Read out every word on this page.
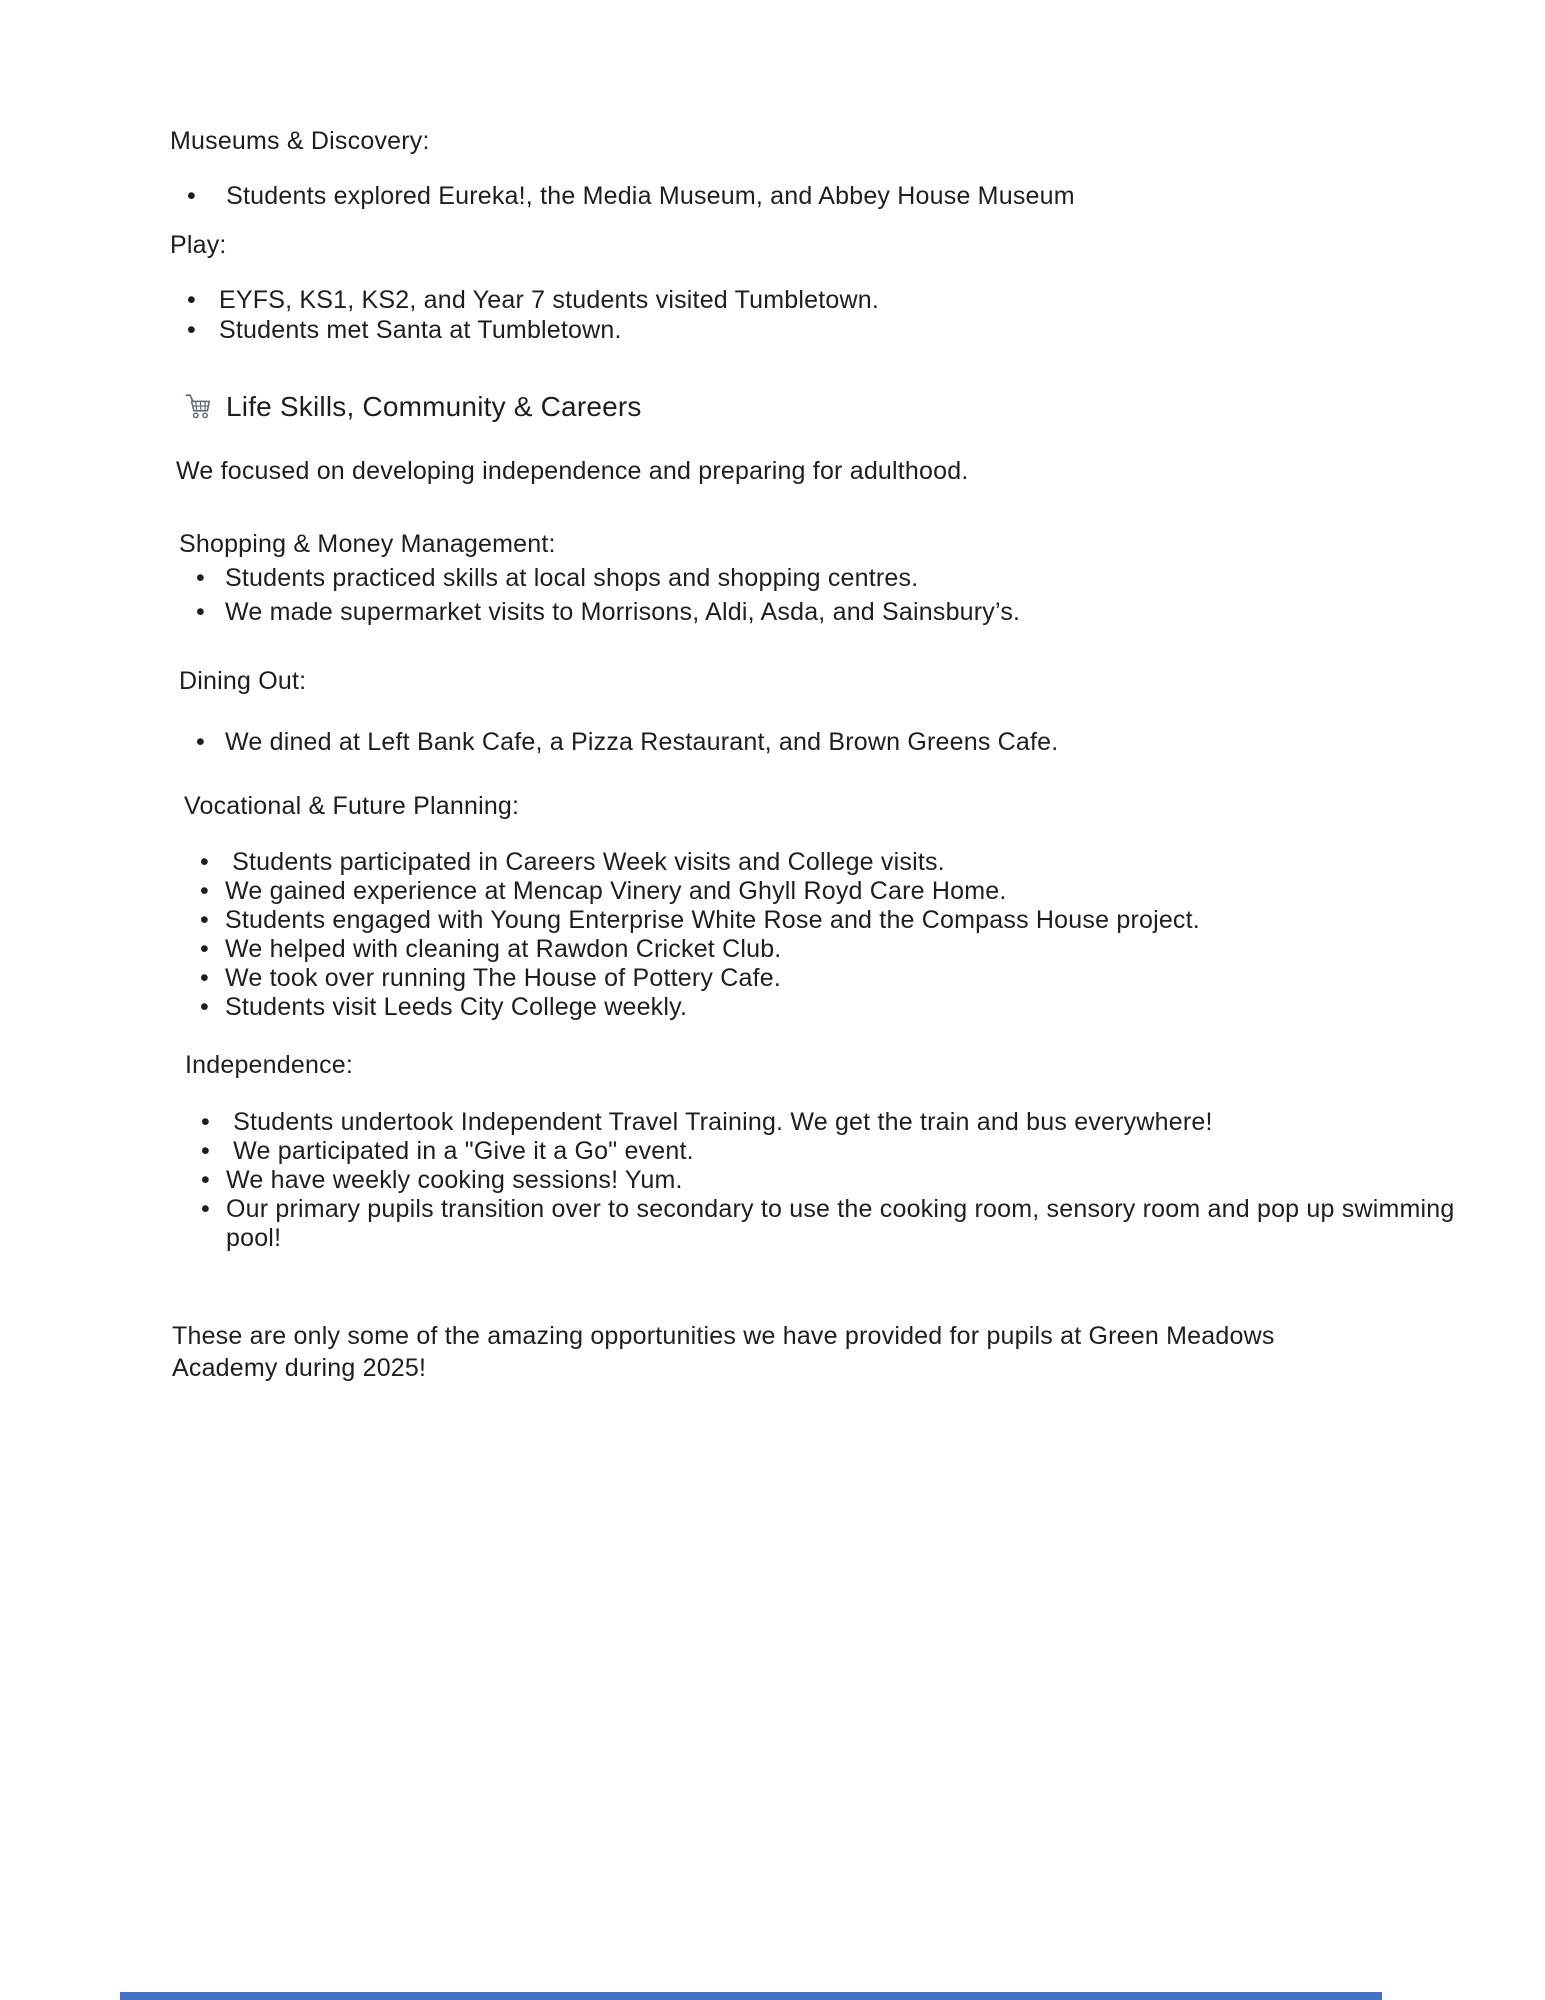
Museums & Discovery:
•  Students explored Eureka!, the Media Museum, and Abbey House Museum
Play:
• EYFS, KS1, KS2, and Year 7 students visited Tumbletown.
• Students met Santa at Tumbletown.
Life Skills, Community & Careers
We focused on developing independence and preparing for adulthood.
Shopping & Money Management:
• Students practiced skills at local shops and shopping centres.
• We made supermarket visits to Morrisons, Aldi, Asda, and Sainsbury’s.
Dining Out:
• We dined at Left Bank Cafe, a Pizza Restaurant, and Brown Greens Cafe.
Vocational & Future Planning:
•  Students participated in Careers Week visits and College visits.
• We gained experience at Mencap Vinery and Ghyll Royd Care Home.
• Students engaged with Young Enterprise White Rose and the Compass House project.
• We helped with cleaning at Rawdon Cricket Club.
• We took over running The House of Pottery Cafe.
• Students visit Leeds City College weekly.
Independence:
•  Students undertook Independent Travel Training. We get the train and bus everywhere!
•  We participated in a "Give it a Go" event.
• We have weekly cooking sessions! Yum.
• Our primary pupils transition over to secondary to use the cooking room, sensory room and pop up swimming pool!
These are only some of the amazing opportunities we have provided for pupils at Green Meadows Academy during 2025!
